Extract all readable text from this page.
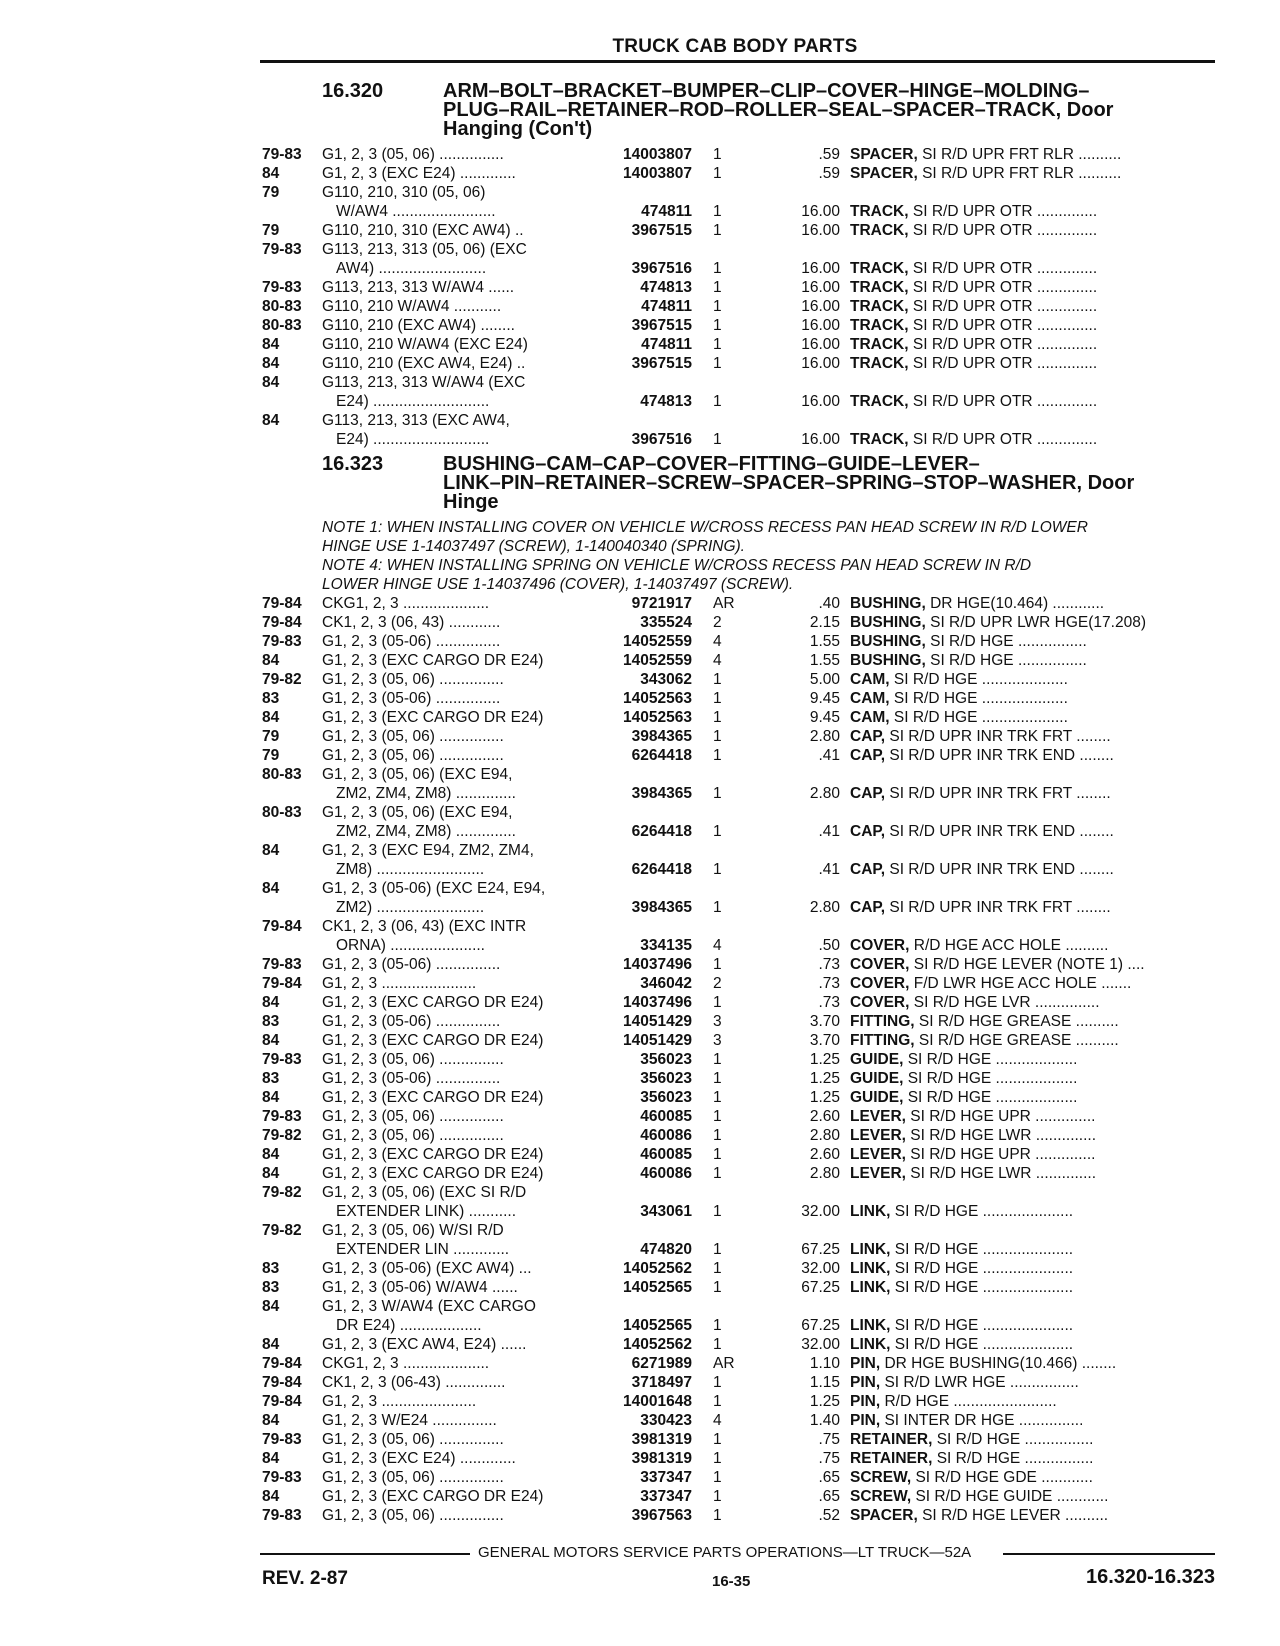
TRUCK CAB BODY PARTS
16.320	ARM–BOLT–BRACKET–BUMPER–CLIP–COVER–HINGE–MOLDING–
PLUG–RAIL–RETAINER–ROD–ROLLER–SEAL–SPACER–TRACK, Door
Hanging (Con't)
79-83 G1, 2, 3 (05, 06) ...............	14003807 1	.59 SPACER, SI R/D UPR FRT RLR ..........
84	G1, 2, 3 (EXC E24) .............	14003807 1	.59 SPACER, SI R/D UPR FRT RLR ..........
79	G110, 210, 310 (05, 06)
W/AW4 ........................	474811 1	16.00 TRACK, SI R/D UPR OTR ..............
79	G110, 210, 310 (EXC AW4) ..	3967515 1	16.00 TRACK, SI R/D UPR OTR ..............
79-83 G113, 213, 313 (05, 06) (EXC
AW4) .........................	3967516 1	16.00 TRACK, SI R/D UPR OTR ..............
79-83 G113, 213, 313 W/AW4 ......	474813 1	16.00 TRACK, SI R/D UPR OTR ..............
80-83 G110, 210 W/AW4 ...........	474811 1	16.00 TRACK, SI R/D UPR OTR ..............
80-83 G110, 210 (EXC AW4) ........	3967515 1	16.00 TRACK, SI R/D UPR OTR ..............
84	G110, 210 W/AW4 (EXC E24)	474811 1	16.00 TRACK, SI R/D UPR OTR ..............
84	G110, 210 (EXC AW4, E24) ..	3967515 1	16.00 TRACK, SI R/D UPR OTR ..............
84	G113, 213, 313 W/AW4 (EXC
E24) ...........................	474813 1	16.00 TRACK, SI R/D UPR OTR ..............
84	G113, 213, 313 (EXC AW4,
E24) ...........................	3967516 1	16.00 TRACK, SI R/D UPR OTR ..............
16.323	BUSHING–CAM–CAP–COVER–FITTING–GUIDE–LEVER–
LINK–PIN–RETAINER–SCREW–SPACER–SPRING–STOP–WASHER, Door
Hinge
NOTE 1: WHEN INSTALLING COVER ON VEHICLE W/CROSS RECESS PAN HEAD SCREW IN R/D LOWER
HINGE USE 1-14037497 (SCREW), 1-140040340 (SPRING).
NOTE 4: WHEN INSTALLING SPRING ON VEHICLE W/CROSS RECESS PAN HEAD SCREW IN R/D
LOWER HINGE USE 1-14037496 (COVER), 1-14037497 (SCREW).
79-84 CKG1, 2, 3 ....................	9721917 AR	.40 BUSHING, DR HGE(10.464) ............
79-84 CK1, 2, 3 (06, 43) ............	335524 2	2.15 BUSHING, SI R/D UPR LWR HGE(17.208)
79-83 G1, 2, 3 (05-06) ...............	14052559 4	1.55 BUSHING, SI R/D HGE ................
84	G1, 2, 3 (EXC CARGO DR E24)	14052559 4	1.55 BUSHING, SI R/D HGE ................
79-82 G1, 2, 3 (05, 06) ...............	343062 1	5.00 CAM, SI R/D HGE ....................
83	G1, 2, 3 (05-06) ...............	14052563 1	9.45 CAM, SI R/D HGE ....................
84	G1, 2, 3 (EXC CARGO DR E24)	14052563 1	9.45 CAM, SI R/D HGE ....................
79	G1, 2, 3 (05, 06) ...............	3984365 1	2.80 CAP, SI R/D UPR INR TRK FRT ........
79	G1, 2, 3 (05, 06) ...............	6264418 1	.41 CAP, SI R/D UPR INR TRK END ........
80-83 G1, 2, 3 (05, 06) (EXC E94,
ZM2, ZM4, ZM8) ..............	3984365 1	2.80 CAP, SI R/D UPR INR TRK FRT ........
80-83 G1, 2, 3 (05, 06) (EXC E94,
ZM2, ZM4, ZM8) ..............	6264418 1	.41 CAP, SI R/D UPR INR TRK END ........
84	G1, 2, 3 (EXC E94, ZM2, ZM4,
ZM8) .........................	6264418 1	.41 CAP, SI R/D UPR INR TRK END ........
84	G1, 2, 3 (05-06) (EXC E24, E94,
ZM2) .........................	3984365 1	2.80 CAP, SI R/D UPR INR TRK FRT ........
79-84 CK1, 2, 3 (06, 43) (EXC INTR
ORNA) ......................	334135 4	.50 COVER, R/D HGE ACC HOLE ..........
79-83 G1, 2, 3 (05-06) ...............	14037496 1	.73 COVER, SI R/D HGE LEVER (NOTE 1) ....
79-84 G1, 2, 3 ......................	346042 2	.73 COVER, F/D LWR HGE ACC HOLE .......
84	G1, 2, 3 (EXC CARGO DR E24)	14037496 1	.73 COVER, SI R/D HGE LVR ...............
83	G1, 2, 3 (05-06) ...............	14051429 3	3.70 FITTING, SI R/D HGE GREASE ..........
84	G1, 2, 3 (EXC CARGO DR E24)	14051429 3	3.70 FITTING, SI R/D HGE GREASE ..........
79-83 G1, 2, 3 (05, 06) ...............	356023 1	1.25 GUIDE, SI R/D HGE ...................
83	G1, 2, 3 (05-06) ...............	356023 1	1.25 GUIDE, SI R/D HGE ...................
84	G1, 2, 3 (EXC CARGO DR E24)	356023 1	1.25 GUIDE, SI R/D HGE ...................
79-83 G1, 2, 3 (05, 06) ...............	460085 1	2.60 LEVER, SI R/D HGE UPR ..............
79-82 G1, 2, 3 (05, 06) ...............	460086 1	2.80 LEVER, SI R/D HGE LWR ..............
84	G1, 2, 3 (EXC CARGO DR E24)	460085 1	2.60 LEVER, SI R/D HGE UPR ..............
84	G1, 2, 3 (EXC CARGO DR E24)	460086 1	2.80 LEVER, SI R/D HGE LWR ..............
79-82 G1, 2, 3 (05, 06) (EXC SI R/D
EXTENDER LINK) ...........	343061 1	32.00 LINK, SI R/D HGE .....................
79-82 G1, 2, 3 (05, 06) W/SI R/D
EXTENDER LIN .............	474820 1	67.25 LINK, SI R/D HGE .....................
83	G1, 2, 3 (05-06) (EXC AW4) ...	14052562 1	32.00 LINK, SI R/D HGE .....................
83	G1, 2, 3 (05-06) W/AW4 ......	14052565 1	67.25 LINK, SI R/D HGE .....................
84	G1, 2, 3 W/AW4 (EXC CARGO
DR E24) ...................	14052565 1	67.25 LINK, SI R/D HGE .....................
84	G1, 2, 3 (EXC AW4, E24) ......	14052562 1	32.00 LINK, SI R/D HGE .....................
79-84 CKG1, 2, 3 ....................	6271989 AR	1.10 PIN, DR HGE BUSHING(10.466) ........
79-84 CK1, 2, 3 (06-43) ..............	3718497 1	1.15 PIN, SI R/D LWR HGE ................
79-84 G1, 2, 3 ......................	14001648 1	1.25 PIN, R/D HGE ........................
84	G1, 2, 3 W/E24 ...............	330423 4	1.40 PIN, SI INTER DR HGE ...............
79-83 G1, 2, 3 (05, 06) ...............	3981319 1	.75 RETAINER, SI R/D HGE ................
84	G1, 2, 3 (EXC E24) .............	3981319 1	.75 RETAINER, SI R/D HGE ................
79-83 G1, 2, 3 (05, 06) ...............	337347 1	.65 SCREW, SI R/D HGE GDE ............
84	G1, 2, 3 (EXC CARGO DR E24)	337347 1	.65 SCREW, SI R/D HGE GUIDE ............
79-83 G1, 2, 3 (05, 06) ...............	3967563 1	.52 SPACER, SI R/D HGE LEVER ..........
GENERAL MOTORS SERVICE PARTS OPERATIONS—LT TRUCK—52A
REV. 2-87	16-35	16.320-16.323
